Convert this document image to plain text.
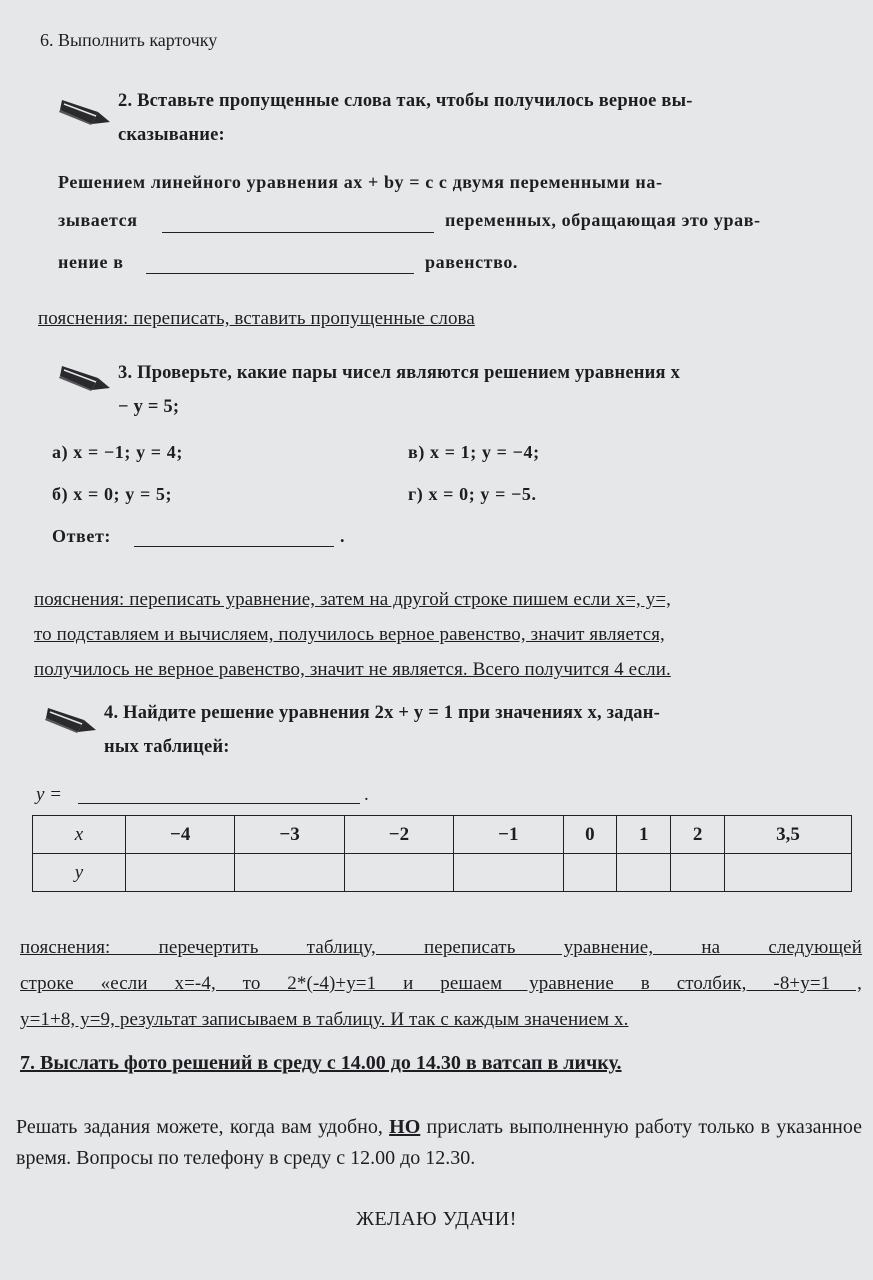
6. Выполнить карточку
2. Вставьте пропущенные слова так, чтобы получилось верное вы-
сказывание:
Решением линейного уравнения ax + by = c с двумя переменными на-
зывается	переменных, обращающая это урав-
нение в	равенство.
пояснения: переписать, вставить пропущенные слова
3. Проверьте, какие пары чисел являются решением уравнения x
− y = 5;
а) x = −1; y = 4;	в) x = 1; y = −4;
б) x = 0; y = 5;	г) x = 0; y = −5.
Ответ:	.
пояснения: переписать уравнение, затем на другой строке пишем если х=, у=,
то подставляем и вычисляем, получилось верное равенство, значит является,
получилось не верное равенство, значит не является. Всего получится 4 если.
4. Найдите решение уравнения 2x + y = 1 при значениях x, задан-
ных таблицей:
y =	.
x	−4	−3	−2	−1	0	1	2	3,5
y								
пояснения: перечертить таблицу, переписать уравнение, на следующей
строке «если х=-4, то 2*(-4)+у=1 и решаем уравнение в столбик, -8+у=1 ,
у=1+8, у=9, результат записываем в таблицу. И так с каждым значением х.
7. Выслать фото решений в среду с 14.00 до 14.30 в ватсап в личку.
Решать задания можете, когда вам удобно, НО прислать выполненную работу только в указанное время. Вопросы по телефону в среду с 12.00 до 12.30.
ЖЕЛАЮ УДАЧИ!
